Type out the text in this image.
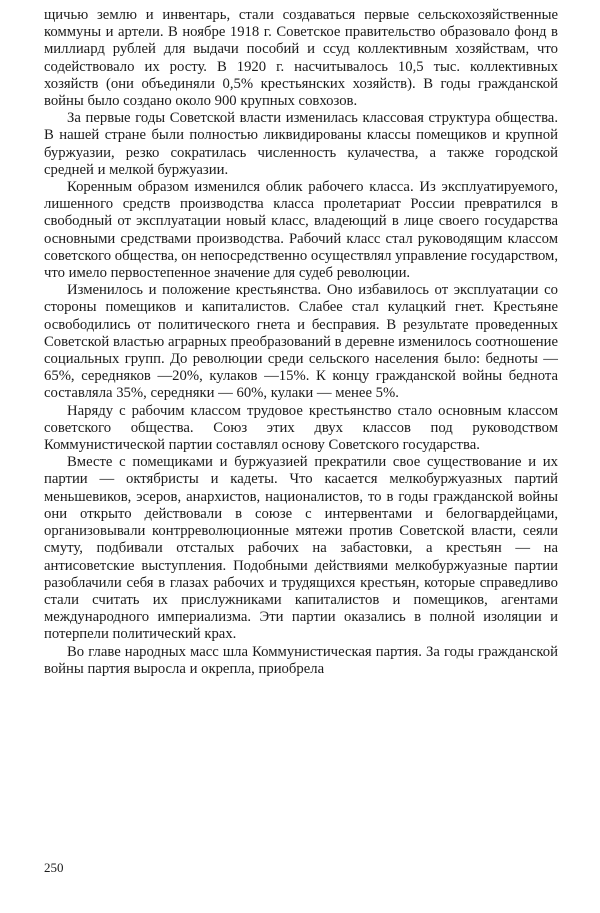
щичью землю и инвентарь, стали создаваться первые сельскохозяйственные коммуны и артели. В ноябре 1918 г. Советское правительство образовало фонд в миллиард рублей для выдачи пособий и ссуд коллективным хозяйствам, что содействовало их росту. В 1920 г. насчитывалось 10,5 тыс. коллективных хозяйств (они объединяли 0,5% крестьянских хозяйств). В годы гражданской войны было создано около 900 крупных совхозов.

За первые годы Советской власти изменилась классовая структура общества. В нашей стране были полностью ликвидированы классы помещиков и крупной буржуазии, резко сократилась численность кулачества, а также городской средней и мелкой буржуазии.

Коренным образом изменился облик рабочего класса. Из эксплуатируемого, лишенного средств производства класса пролетариат России превратился в свободный от эксплуатации новый класс, владеющий в лице своего государства основными средствами производства. Рабочий класс стал руководящим классом советского общества, он непосредственно осуществлял управление государством, что имело первостепенное значение для судеб революции.

Изменилось и положение крестьянства. Оно избавилось от эксплуатации со стороны помещиков и капиталистов. Слабее стал кулацкий гнет. Крестьяне освободились от политического гнета и бесправия. В результате проведенных Советской властью аграрных преобразований в деревне изменилось соотношение социальных групп. До революции среди сельского населения было: бедноты —65%, середняков —20%, кулаков —15%. К концу гражданской войны беднота составляла 35%, середняки — 60%, кулаки — менее 5%.

Наряду с рабочим классом трудовое крестьянство стало основным классом советского общества. Союз этих двух классов под руководством Коммунистической партии составлял основу Советского государства.

Вместе с помещиками и буржуазией прекратили свое существование и их партии — октябристы и кадеты. Что касается мелкобуржуазных партий меньшевиков, эсеров, анархистов, националистов, то в годы гражданской войны они открыто действовали в союзе с интервентами и белогвардейцами, организовывали контрреволюционные мятежи против Советской власти, сеяли смуту, подбивали отсталых рабочих на забастовки, а крестьян — на антисоветские выступления. Подобными действиями мелкобуржуазные партии разоблачили себя в глазах рабочих и трудящихся крестьян, которые справедливо стали считать их прислужниками капиталистов и помещиков, агентами международного империализма. Эти партии оказались в полной изоляции и потерпели политический крах.

Во главе народных масс шла Коммунистическая партия. За годы гражданской войны партия выросла и окрепла, приобрела

250
